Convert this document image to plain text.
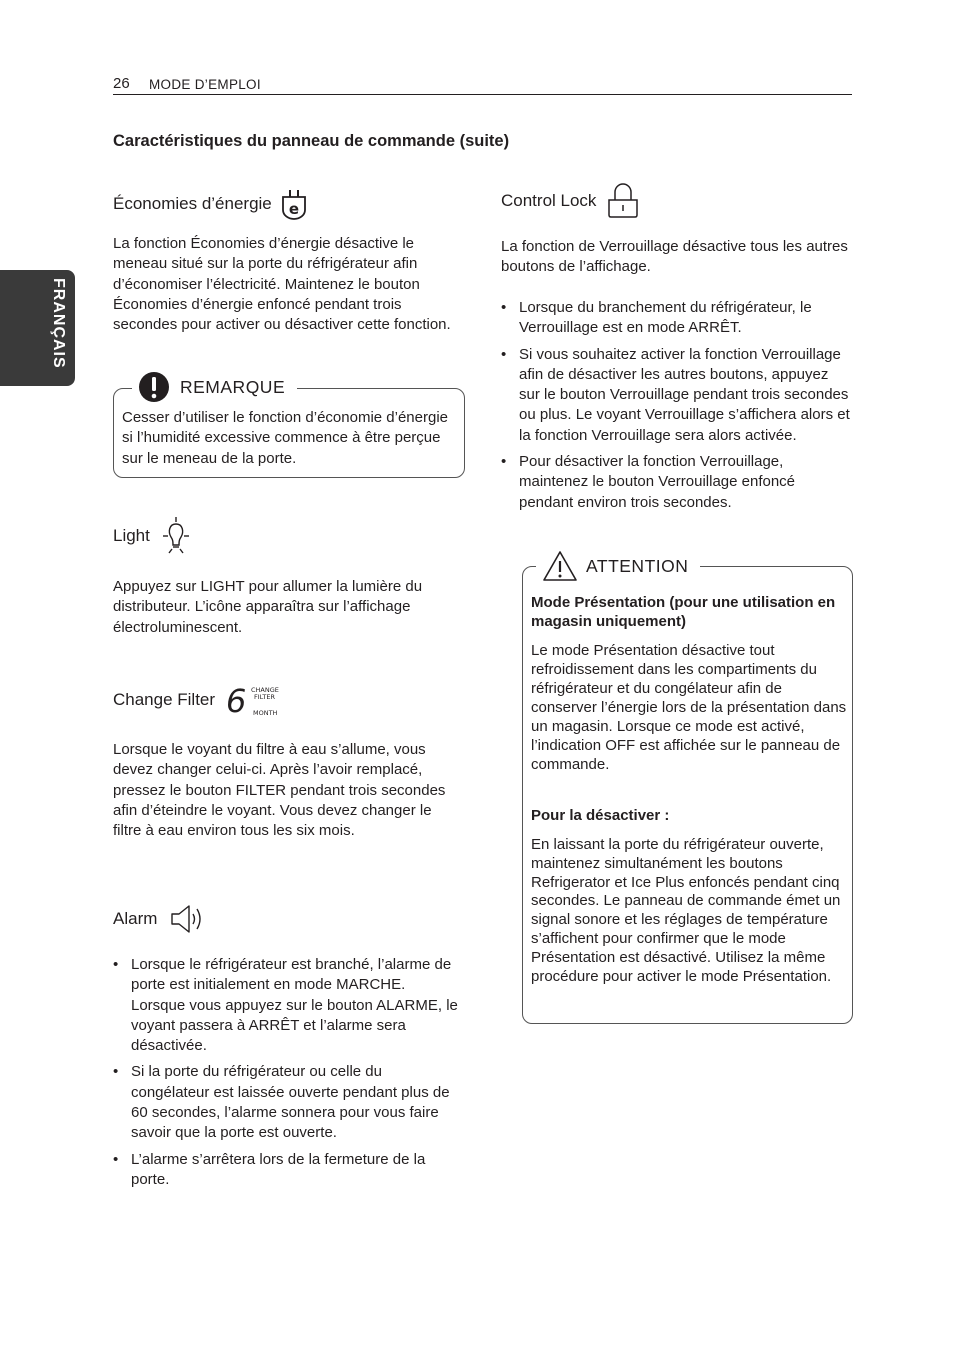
26 MODE D’EMPLOI
FRANÇAIS
Caractéristiques du panneau de commande (suite)
Économies d’énergie e
La fonction Économies d’énergie désactive le meneau situé sur la porte du réfrigérateur afin d’économiser l’électricité. Maintenez le bouton Économies d’énergie enfoncé pendant trois secondes pour activer ou désactiver cette fonction.
REMARQUE
Cesser d’utiliser le fonction d’économie d’énergie si l’humidité excessive commence à être perçue sur le meneau de la porte.
Light
Appuyez sur LIGHT pour allumer la lumière du distributeur. L’icône apparaîtra sur l’affichage électroluminescent.
Change Filter 6 CHANGE
FILTER
MONTH
Lorsque le voyant du filtre à eau s’allume, vous devez changer celui-ci. Après l’avoir remplacé, pressez le bouton FILTER pendant trois secondes afin d’éteindre le voyant. Vous devez changer le filtre à eau environ tous les six mois.
Alarm
• Lorsque le réfrigérateur est branché, l’alarme de porte est initialement en mode MARCHE. Lorsque vous appuyez sur le bouton ALARME, le voyant passera à ARRÊT et l’alarme sera désactivée.
• Si la porte du réfrigérateur ou celle du congélateur est laissée ouverte pendant plus de 60 secondes, l’alarme sonnera pour vous faire savoir que la porte est ouverte.
• L’alarme s’arrêtera lors de la fermeture de la porte.
Control Lock
La fonction de Verrouillage désactive tous les autres boutons de l’affichage.
• Lorsque du branchement du réfrigérateur, le Verrouillage est en mode ARRÊT.
• Si vous souhaitez activer la fonction Verrouillage afin de désactiver les autres boutons, appuyez sur le bouton Verrouillage pendant trois secondes ou plus. Le voyant Verrouillage s’affichera alors et la fonction Verrouillage sera alors activée.
• Pour désactiver la fonction Verrouillage, maintenez le bouton Verrouillage enfoncé pendant environ trois secondes.
ATTENTION
Mode Présentation (pour une utilisation en magasin uniquement)
Le mode Présentation désactive tout refroidissement dans les compartiments du réfrigérateur et du congélateur afin de conserver l’énergie lors de la présentation dans un magasin. Lorsque ce mode est activé, l’indication OFF est affichée sur le panneau de commande.
Pour la désactiver :
En laissant la porte du réfrigérateur ouverte, maintenez simultanément les boutons Refrigerator et Ice Plus enfoncés pendant cinq secondes. Le panneau de commande émet un signal sonore et les réglages de température s’affichent pour confirmer que le mode Présentation est désactivé. Utilisez la même procédure pour activer le mode Présentation.
